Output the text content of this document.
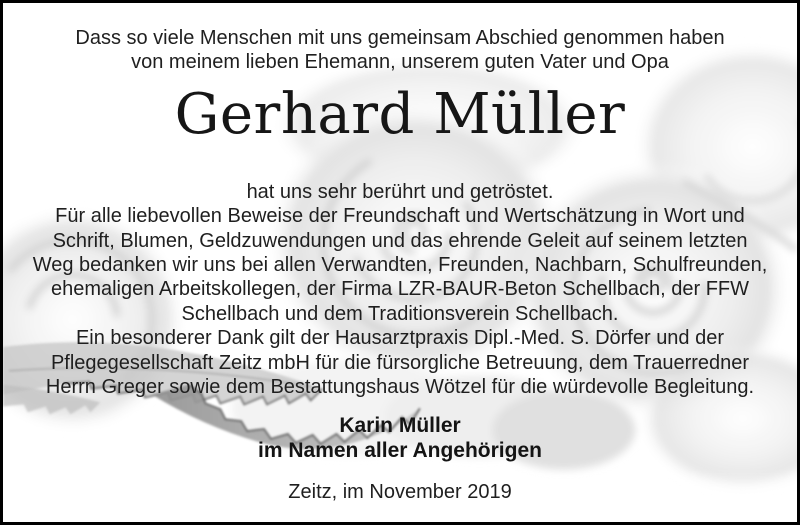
Dass so viele Menschen mit uns gemeinsam Abschied genommen haben
von meinem lieben Ehemann, unserem guten Vater und Opa
Gerhard Müller
hat uns sehr berührt und getröstet.
Für alle liebevollen Beweise der Freundschaft und Wertschätzung in Wort und
Schrift, Blumen, Geldzuwendungen und das ehrende Geleit auf seinem letzten
Weg bedanken wir uns bei allen Verwandten, Freunden, Nachbarn, Schulfreunden,
ehemaligen Arbeitskollegen, der Firma LZR-BAUR-Beton Schellbach, der FFW
Schellbach und dem Traditionsverein Schellbach.
Ein besonderer Dank gilt der Hausarztpraxis Dipl.-Med. S. Dörfer und der
Pflegegesellschaft Zeitz mbH für die fürsorgliche Betreuung, dem Trauerredner
Herrn Greger sowie dem Bestattungshaus Wötzel für die würdevolle Begleitung.
Karin Müller
im Namen aller Angehörigen
Zeitz, im November 2019
